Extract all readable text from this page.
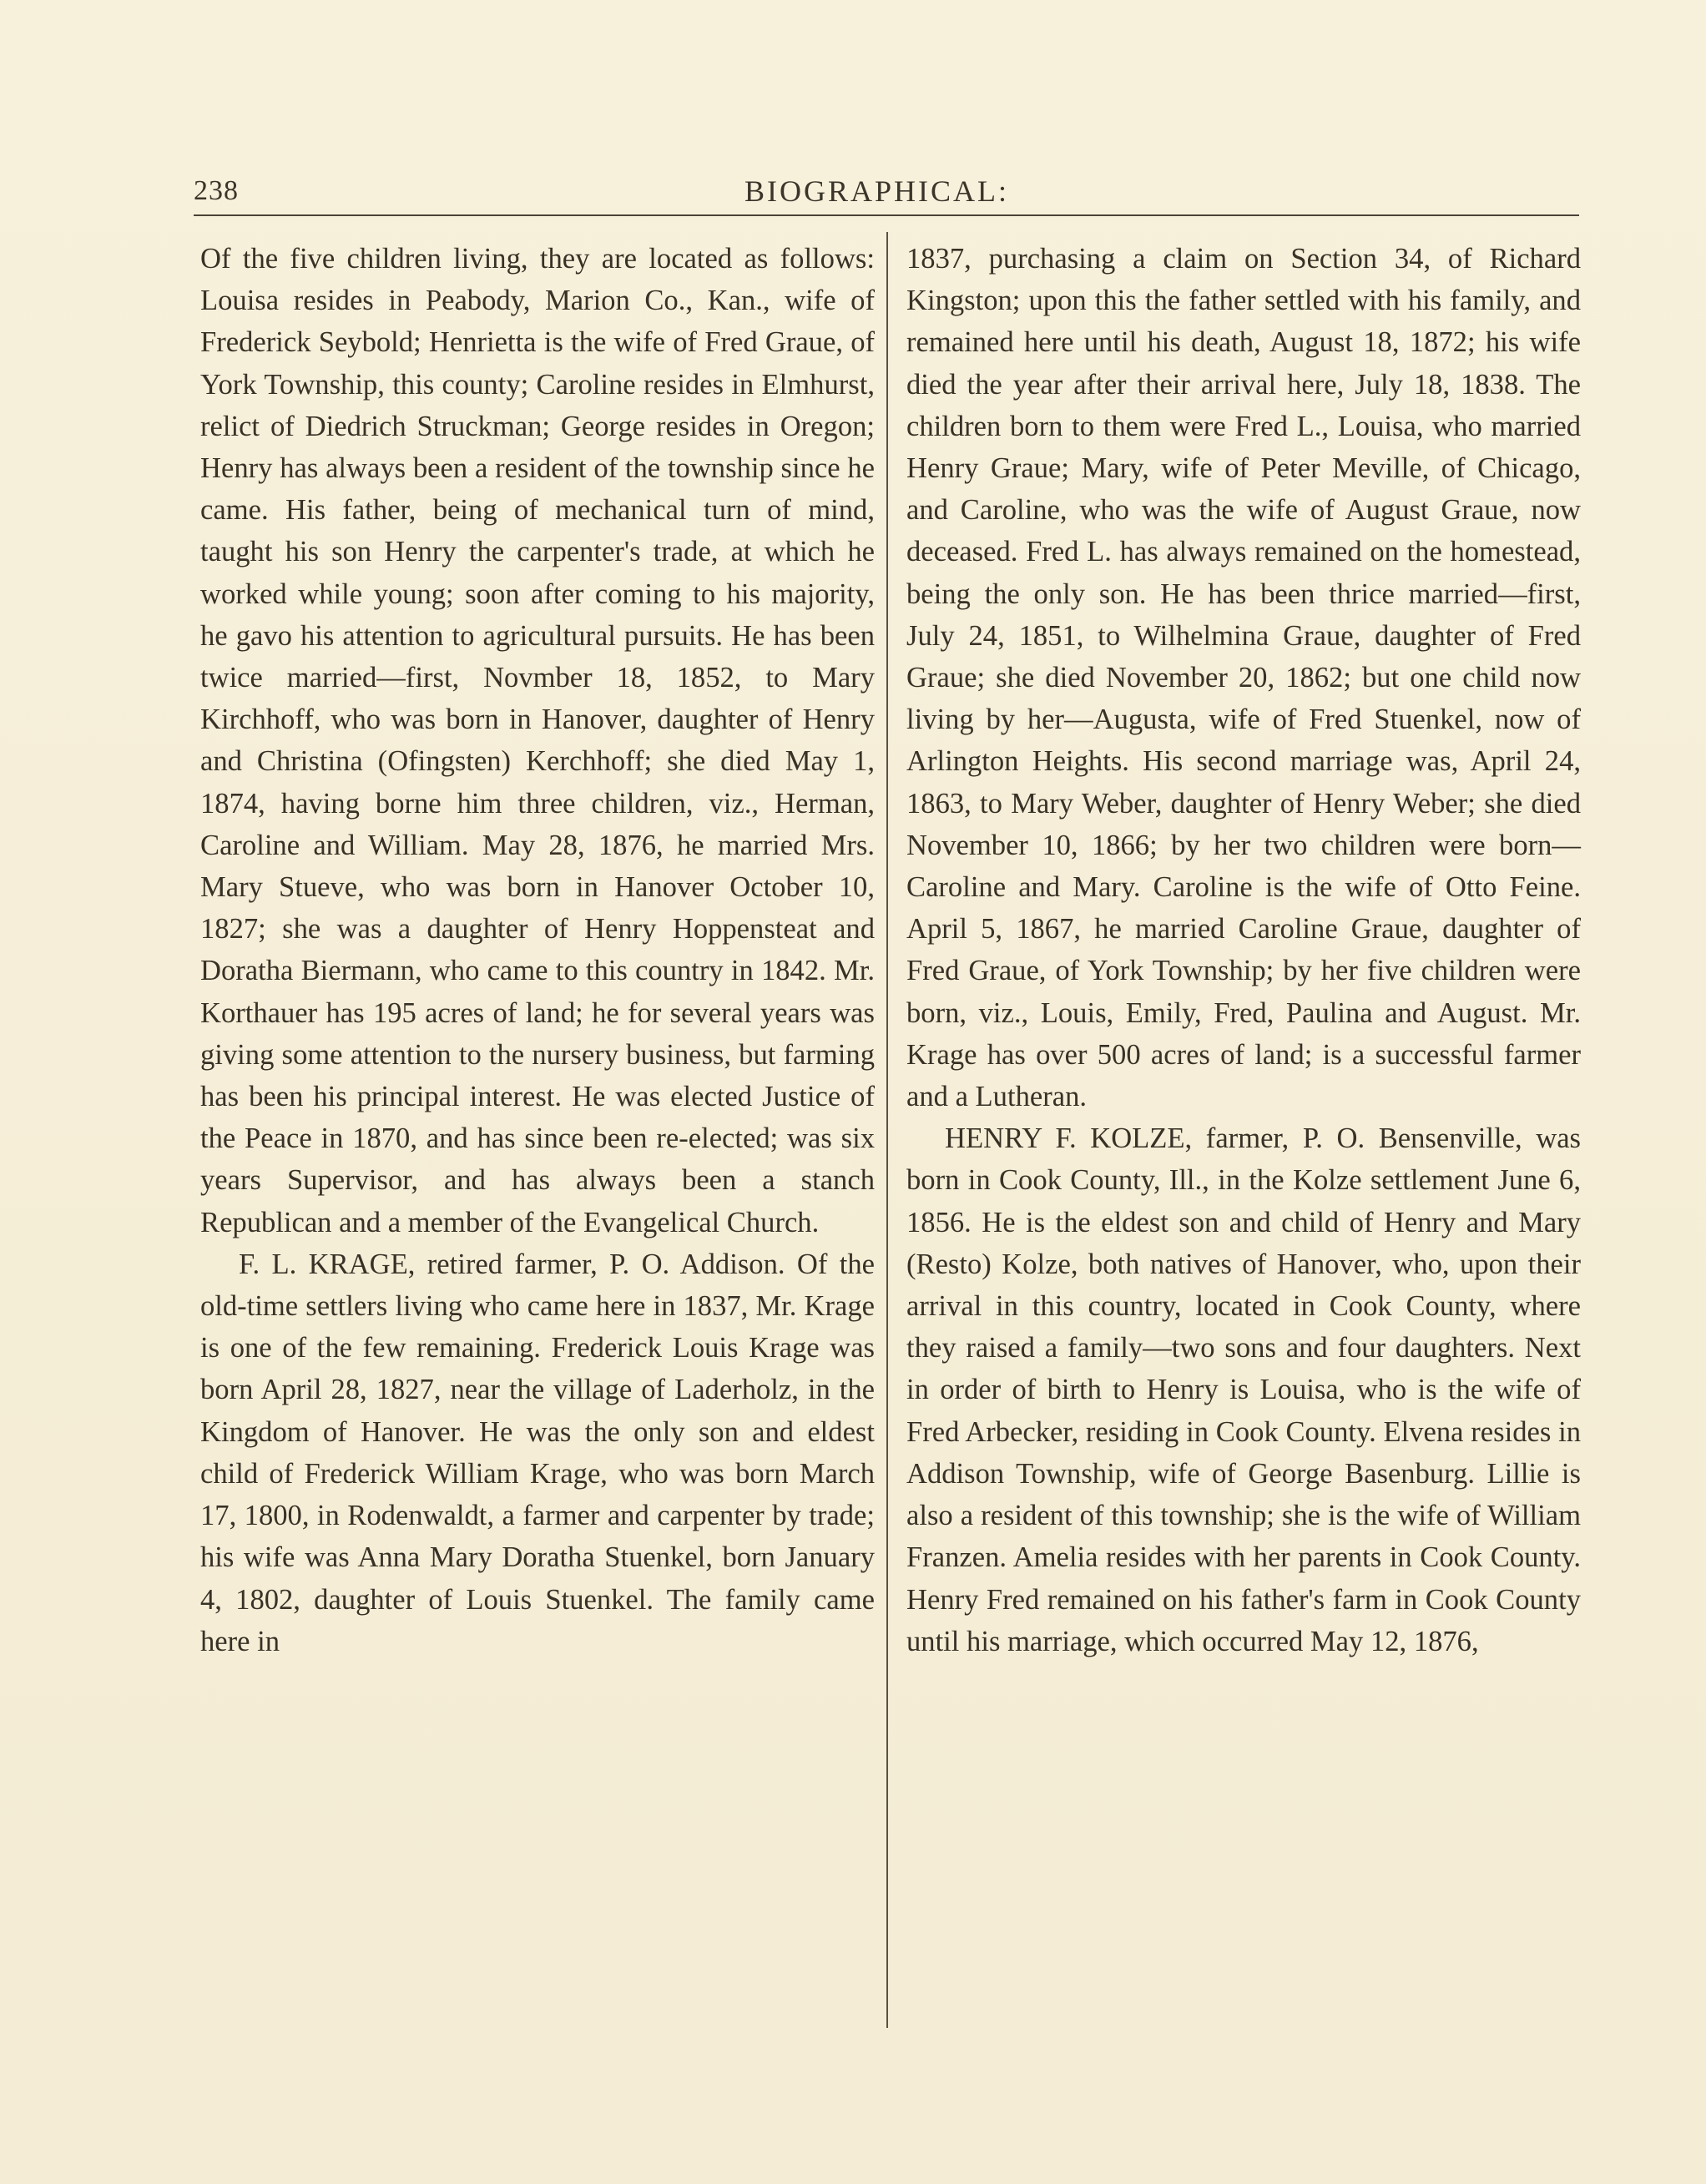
238	BIOGRAPHICAL:

Of the five children living, they are located as follows: Louisa resides in Peabody, Marion Co., Kan., wife of Frederick Seybold; Henrietta is the wife of Fred Graue, of York Township, this county; Caroline resides in Elmhurst, relict of Diedrich Struckman; George resides in Oregon; Henry has always been a resident of the township since he came. His father, being of mechanical turn of mind, taught his son Henry the carpenter's trade, at which he worked while young; soon after coming to his majority, he gavo his attention to agricultural pursuits. He has been twice married—first, Novmber 18, 1852, to Mary Kirchhoff, who was born in Hanover, daughter of Henry and Christina (Ofingsten) Kerchhoff; she died May 1, 1874, having borne him three children, viz., Herman, Caroline and William. May 28, 1876, he married Mrs. Mary Stueve, who was born in Hanover October 10, 1827; she was a daughter of Henry Hoppensteat and Doratha Biermann, who came to this country in 1842. Mr. Korthauer has 195 acres of land; he for several years was giving some attention to the nursery business, but farming has been his principal interest. He was elected Justice of the Peace in 1870, and has since been re-elected; was six years Supervisor, and has always been a stanch Republican and a member of the Evangelical Church.

F. L. KRAGE, retired farmer, P. O. Addison. Of the old-time settlers living who came here in 1837, Mr. Krage is one of the few remaining. Frederick Louis Krage was born April 28, 1827, near the village of Laderholz, in the Kingdom of Hanover. He was the only son and eldest child of Frederick William Krage, who was born March 17, 1800, in Rodenwaldt, a farmer and carpenter by trade; his wife was Anna Mary Doratha Stuenkel, born January 4, 1802, daughter of Louis Stuenkel. The family came here in

1837, purchasing a claim on Section 34, of Richard Kingston; upon this the father settled with his family, and remained here until his death, August 18, 1872; his wife died the year after their arrival here, July 18, 1838. The children born to them were Fred L., Louisa, who married Henry Graue; Mary, wife of Peter Meville, of Chicago, and Caroline, who was the wife of August Graue, now deceased. Fred L. has always remained on the homestead, being the only son. He has been thrice married—first, July 24, 1851, to Wilhelmina Graue, daughter of Fred Graue; she died November 20, 1862; but one child now living by her—Augusta, wife of Fred Stuenkel, now of Arlington Heights. His second marriage was, April 24, 1863, to Mary Weber, daughter of Henry Weber; she died November 10, 1866; by her two children were born—Caroline and Mary. Caroline is the wife of Otto Feine. April 5, 1867, he married Caroline Graue, daughter of Fred Graue, of York Township; by her five children were born, viz., Louis, Emily, Fred, Paulina and August. Mr. Krage has over 500 acres of land; is a successful farmer and a Lutheran.

HENRY F. KOLZE, farmer, P. O. Bensenville, was born in Cook County, Ill., in the Kolze settlement June 6, 1856. He is the eldest son and child of Henry and Mary (Resto) Kolze, both natives of Hanover, who, upon their arrival in this country, located in Cook County, where they raised a family—two sons and four daughters. Next in order of birth to Henry is Louisa, who is the wife of Fred Arbecker, residing in Cook County. Elvena resides in Addison Township, wife of George Basenburg. Lillie is also a resident of this township; she is the wife of William Franzen. Amelia resides with her parents in Cook County. Henry Fred remained on his father's farm in Cook County until his marriage, which occurred May 12, 1876,
